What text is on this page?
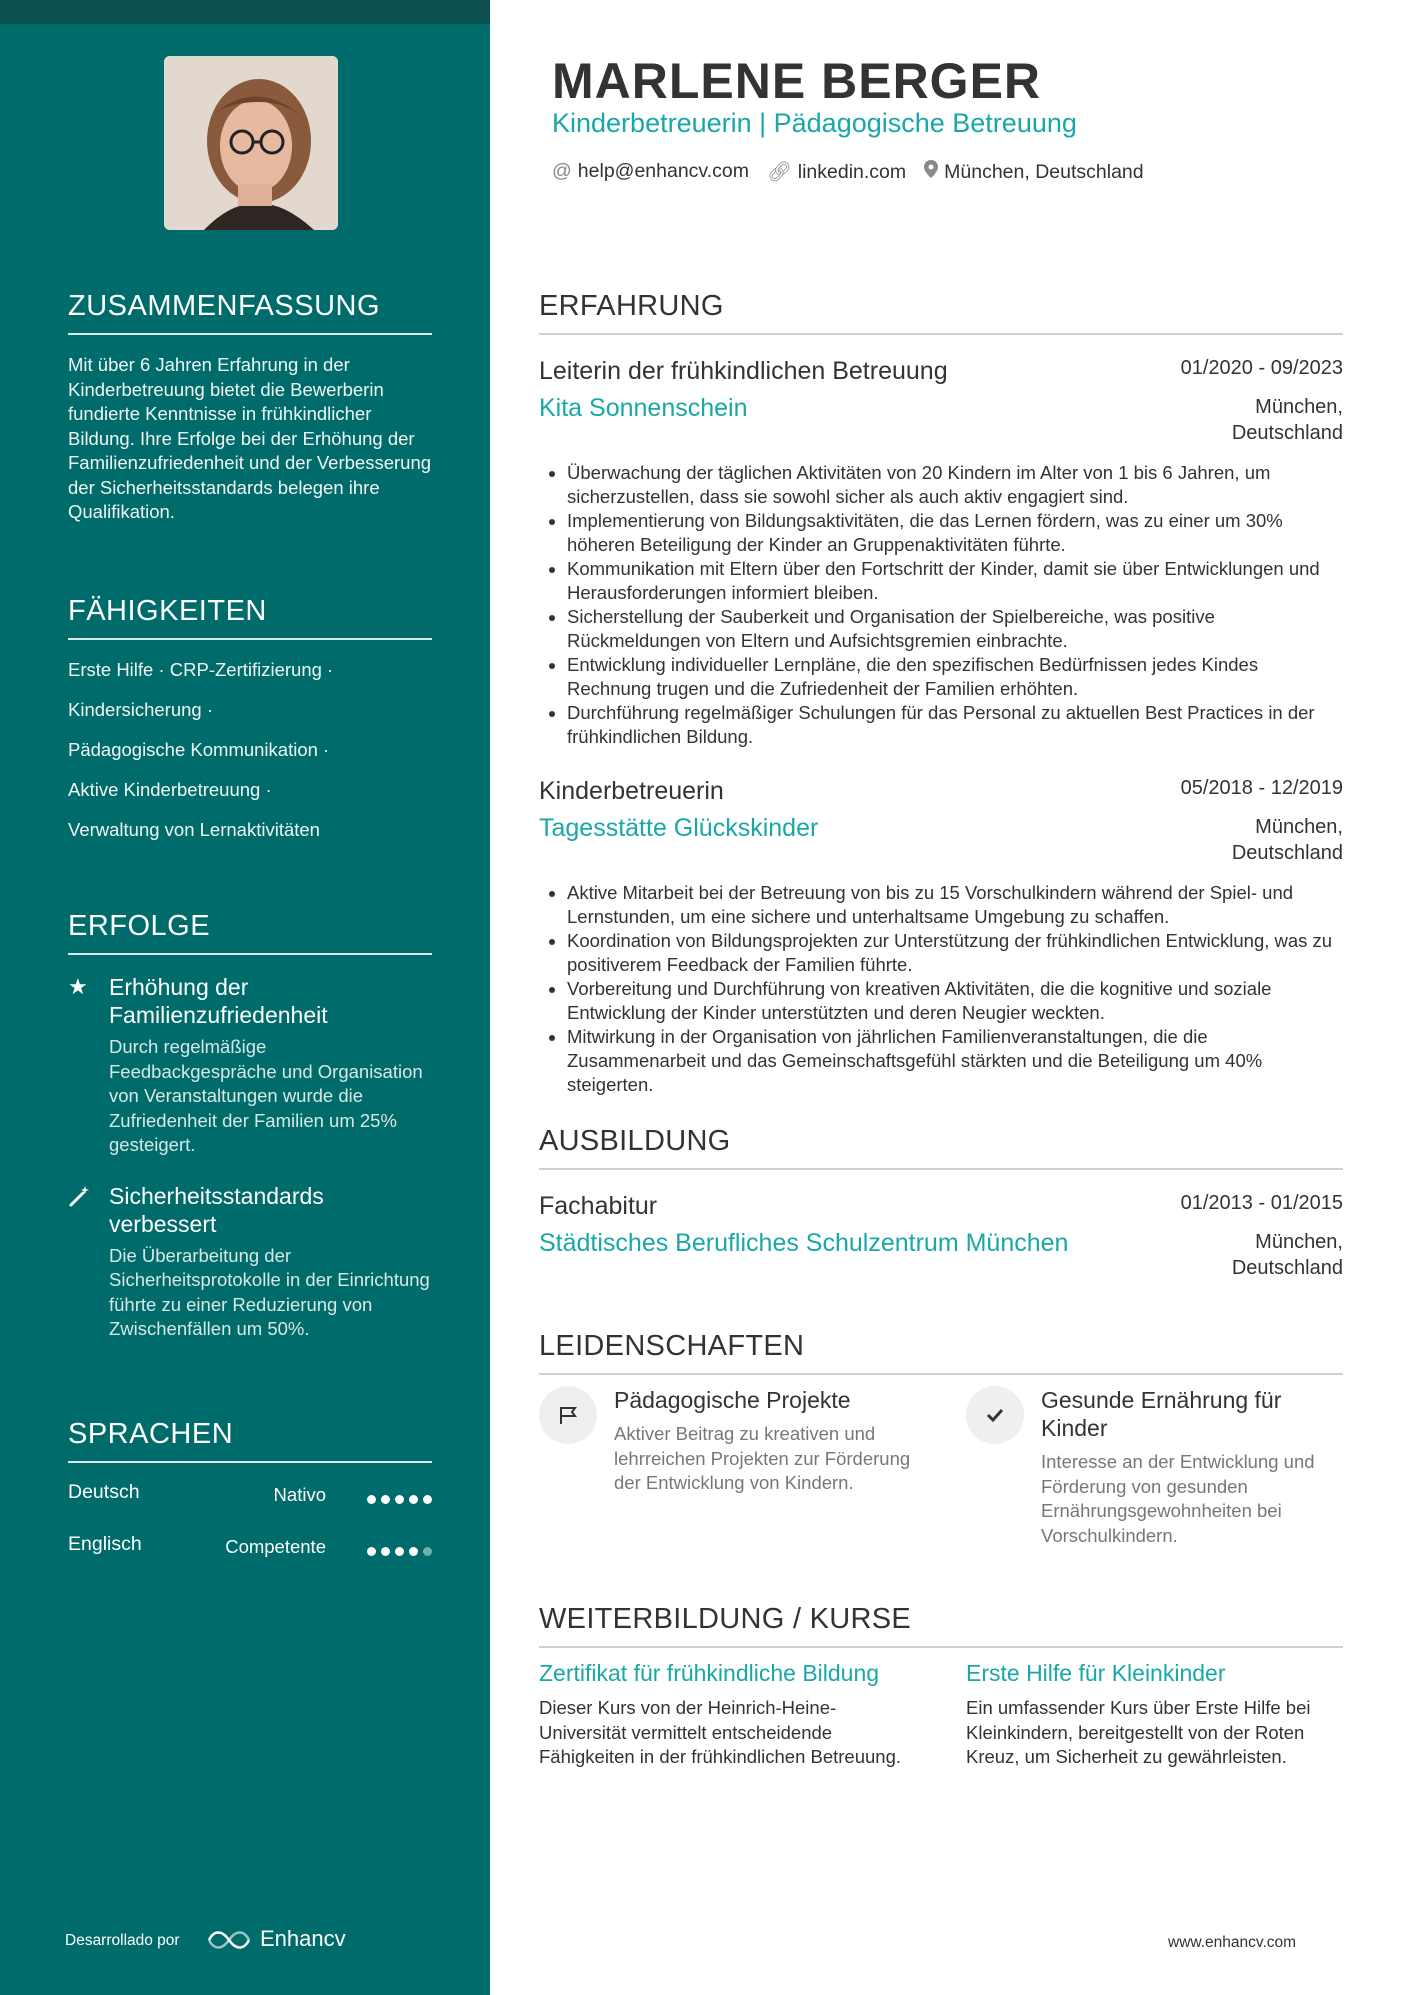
ZUSAMMENFASSUNG

Mit über 6 Jahren Erfahrung in der Kinderbetreuung bietet die Bewerberin fundierte Kenntnisse in frühkindlicher Bildung. Ihre Erfolge bei der Erhöhung der Familienzufriedenheit und der Verbesserung der Sicherheitsstandards belegen ihre Qualifikation.

FÄHIGKEITEN
Erste Hilfe · CRP-Zertifizierung ·
Kindersicherung ·
Pädagogische Kommunikation ·
Aktive Kinderbetreuung ·
Verwaltung von Lernaktivitäten
ERFOLGE
★ Erhöhung der Familienzufriedenheit
Durch regelmäßige Feedbackgespräche und Organisation von Veranstaltungen wurde die Zufriedenheit der Familien um 25% gesteigert.
Sicherheitsstandards verbessert
Die Überarbeitung der Sicherheitsprotokolle in der Einrichtung führte zu einer Reduzierung von Zwischenfällen um 50%.
SPRACHEN
Deutsch	Nativo
Englisch	Competente
Desarrollado por	Enhancv
MARLENE BERGER
Kinderbetreuerin | Pädagogische Betreuung
@ help@enhancv.com 🔗︎ linkedin.com	München, Deutschland
ERFAHRUNG
Leiterin der frühkindlichen Betreuung	01/2020 - 09/2023
Kita Sonnenschein	München,
Deutschland
• Überwachung der täglichen Aktivitäten von 20 Kindern im Alter von 1 bis 6 Jahren, um sicherzustellen, dass sie sowohl sicher als auch aktiv engagiert sind.
• Implementierung von Bildungsaktivitäten, die das Lernen fördern, was zu einer um 30% höheren Beteiligung der Kinder an Gruppenaktivitäten führte.
• Kommunikation mit Eltern über den Fortschritt der Kinder, damit sie über Entwicklungen und Herausforderungen informiert bleiben.
• Sicherstellung der Sauberkeit und Organisation der Spielbereiche, was positive Rückmeldungen von Eltern und Aufsichtsgremien einbrachte.
• Entwicklung individueller Lernpläne, die den spezifischen Bedürfnissen jedes Kindes Rechnung trugen und die Zufriedenheit der Familien erhöhten.
• Durchführung regelmäßiger Schulungen für das Personal zu aktuellen Best Practices in der frühkindlichen Bildung.
Kinderbetreuerin	05/2018 - 12/2019
Tagesstätte Glückskinder	München,
Deutschland
• Aktive Mitarbeit bei der Betreuung von bis zu 15 Vorschulkindern während der Spiel- und Lernstunden, um eine sichere und unterhaltsame Umgebung zu schaffen.
• Koordination von Bildungsprojekten zur Unterstützung der frühkindlichen Entwicklung, was zu positiverem Feedback der Familien führte.
• Vorbereitung und Durchführung von kreativen Aktivitäten, die die kognitive und soziale Entwicklung der Kinder unterstützten und deren Neugier weckten.
• Mitwirkung in der Organisation von jährlichen Familienveranstaltungen, die die Zusammenarbeit und das Gemeinschaftsgefühl stärkten und die Beteiligung um 40% steigerten.
AUSBILDUNG
Fachabitur	01/2013 - 01/2015
Städtisches Berufliches Schulzentrum München	München,
Deutschland
LEIDENSCHAFTEN
Pädagogische Projekte
Aktiver Beitrag zu kreativen und lehrreichen Projekten zur Förderung der Entwicklung von Kindern.
Gesunde Ernährung für Kinder
Interesse an der Entwicklung und Förderung von gesunden Ernährungsgewohnheiten bei Vorschulkindern.
WEITERBILDUNG / KURSE
Zertifikat für frühkindliche Bildung
Dieser Kurs von der Heinrich-Heine-Universität vermittelt entscheidende Fähigkeiten in der frühkindlichen Betreuung.
Erste Hilfe für Kleinkinder
Ein umfassender Kurs über Erste Hilfe bei Kleinkindern, bereitgestellt von der Roten Kreuz, um Sicherheit zu gewährleisten.
www.enhancv.com
